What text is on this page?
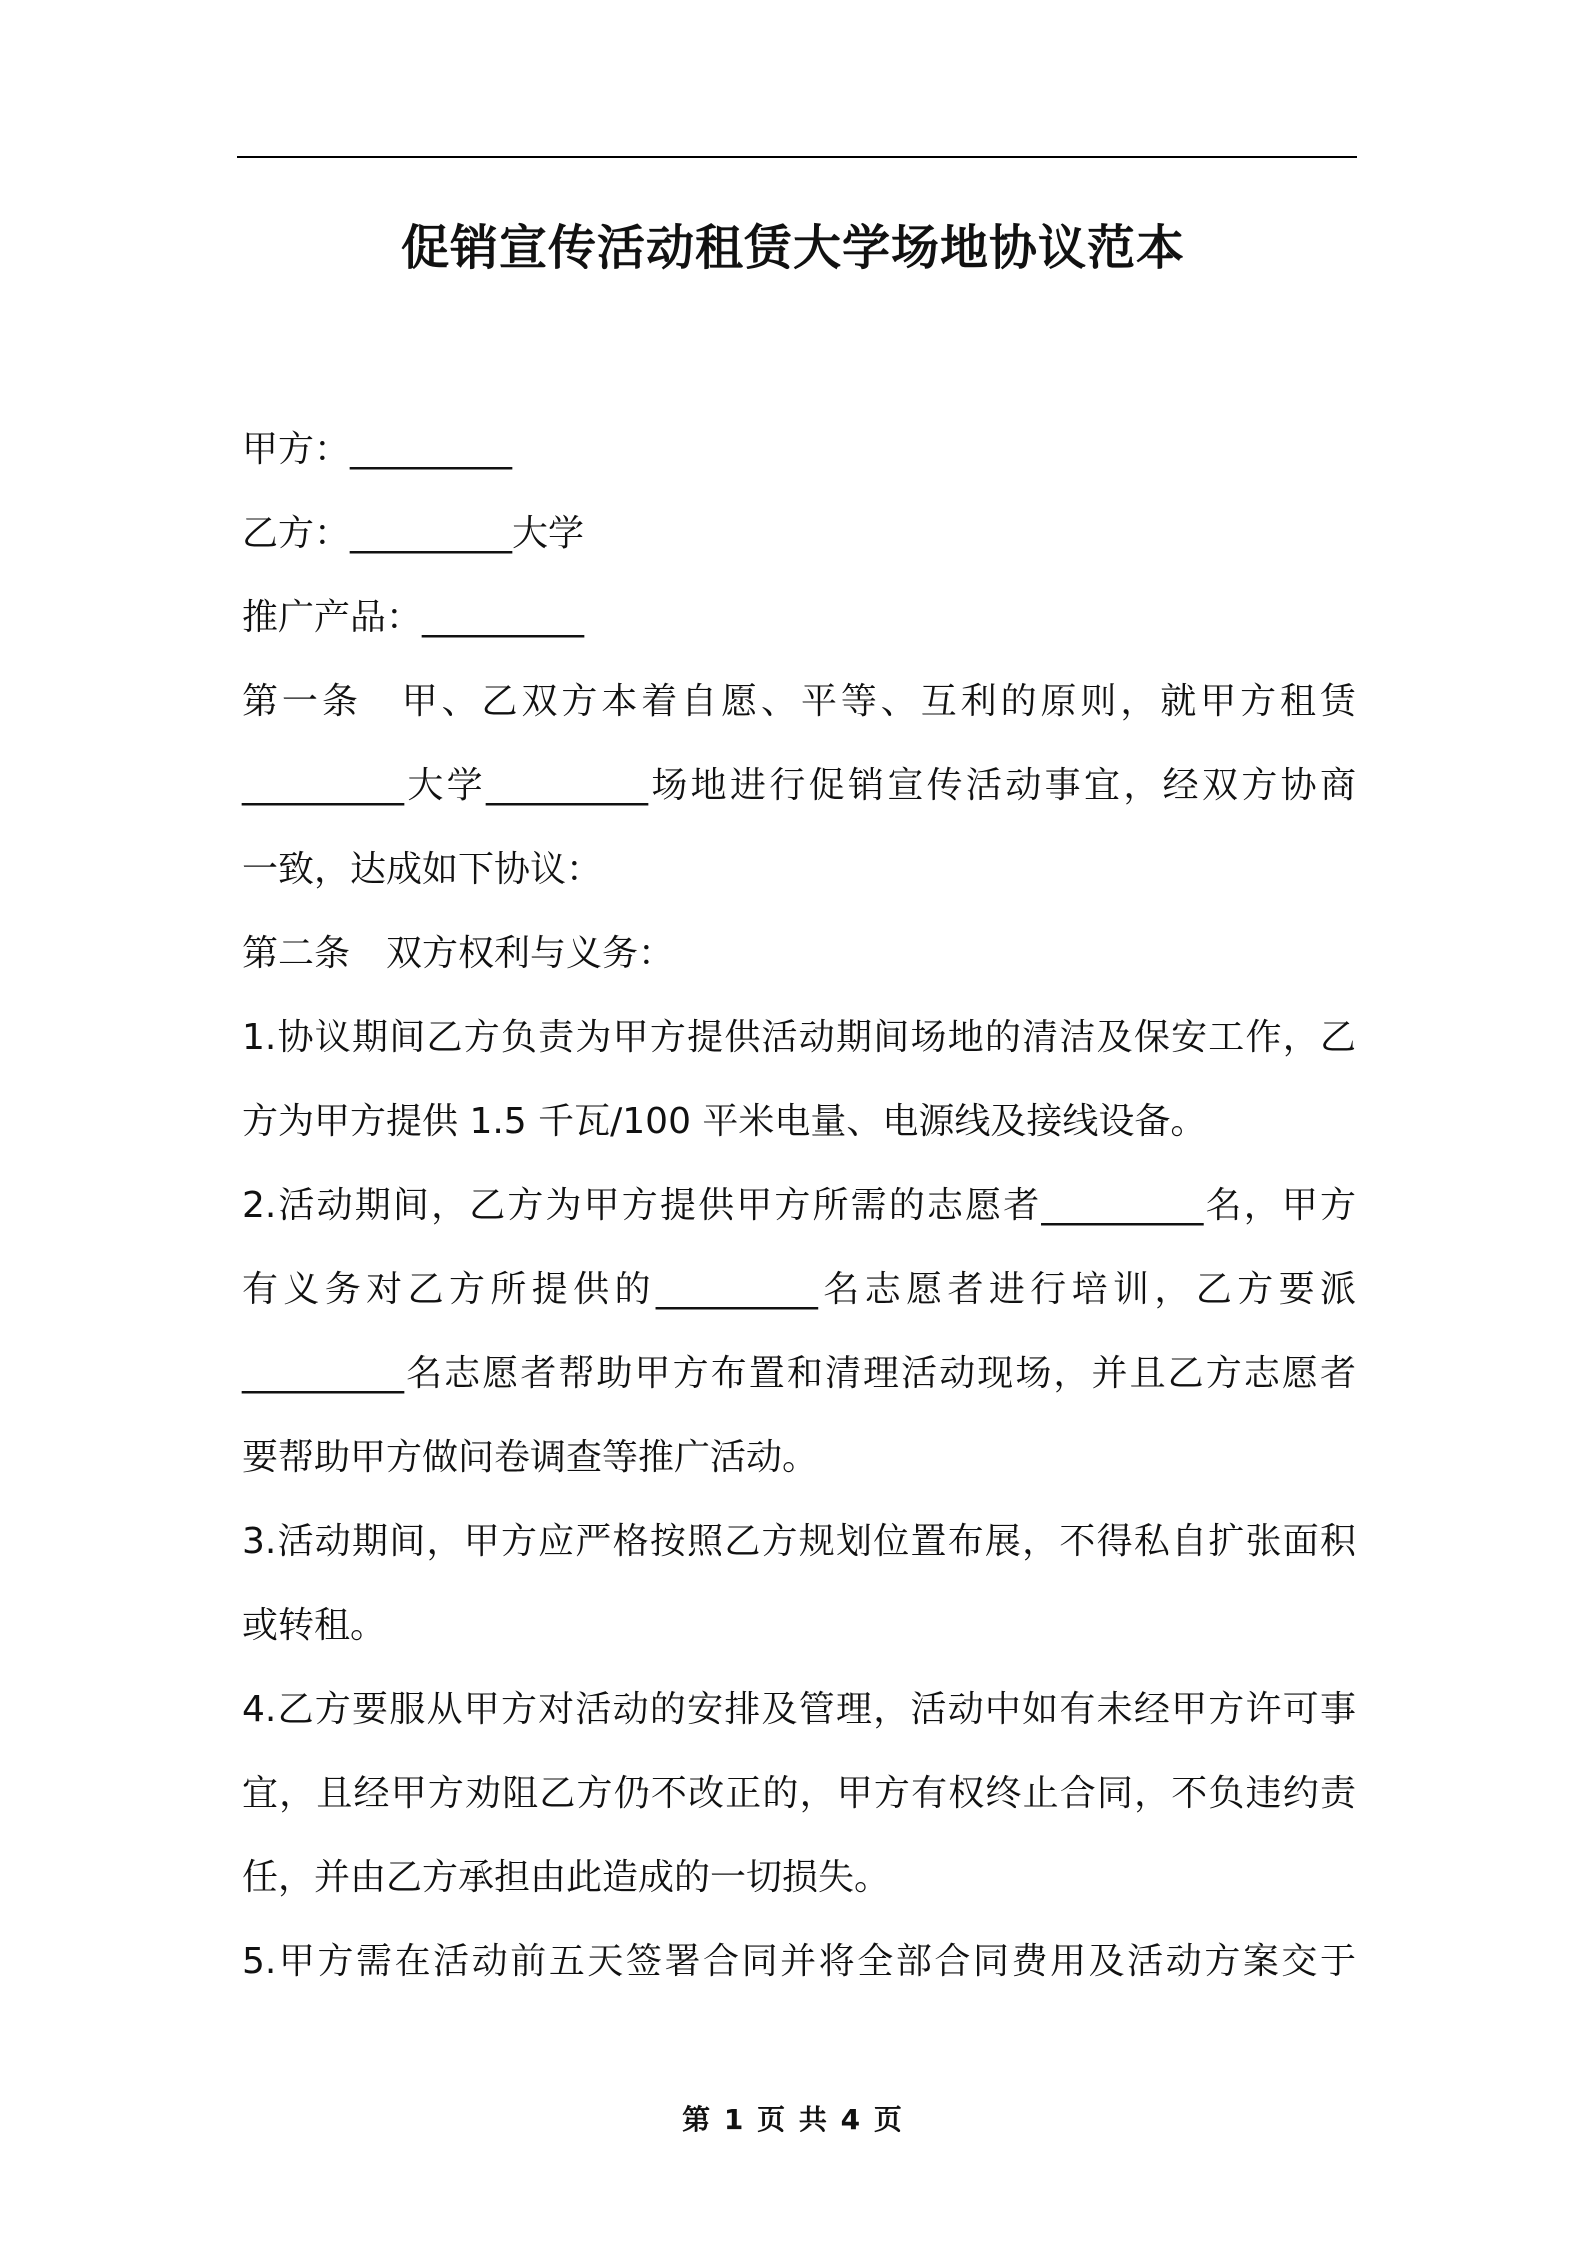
促销宣传活动租赁大学场地协议范本
甲方：_________
乙方：_________大学
推广产品：_________
第一条　甲、乙双方本着自愿、平等、互利的原则，就甲方租赁
_________大学_________场地进行促销宣传活动事宜，经双方协商
一致，达成如下协议：
第二条　双方权利与义务：
1.协议期间乙方负责为甲方提供活动期间场地的清洁及保安工作，乙
方为甲方提供 1.5 千瓦/100 平米电量、电源线及接线设备。
2.活动期间，乙方为甲方提供甲方所需的志愿者_________名，甲方
有义务对乙方所提供的_________名志愿者进行培训，乙方要派
_________名志愿者帮助甲方布置和清理活动现场，并且乙方志愿者
要帮助甲方做问卷调查等推广活动。
3.活动期间，甲方应严格按照乙方规划位置布展，不得私自扩张面积
或转租。
4.乙方要服从甲方对活动的安排及管理，活动中如有未经甲方许可事
宜，且经甲方劝阻乙方仍不改正的，甲方有权终止合同，不负违约责
任，并由乙方承担由此造成的一切损失。
5.甲方需在活动前五天签署合同并将全部合同费用及活动方案交于
第 1 页 共 4 页
